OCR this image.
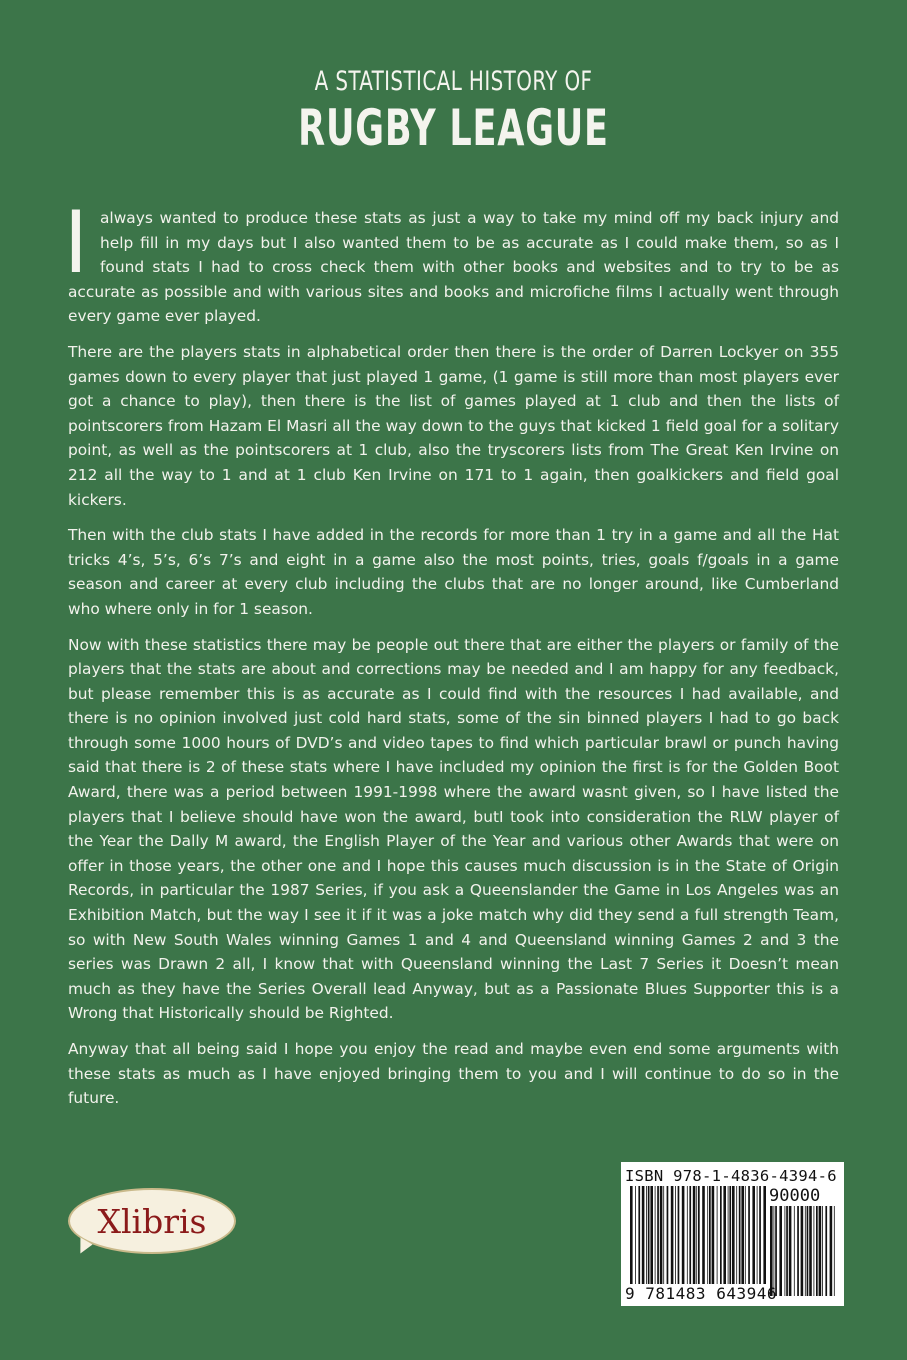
A STATISTICAL HISTORY OF
RUGBY LEAGUE

I always wanted to produce these stats as just a way to take my mind off my back injury and help fill in my days but I also wanted them to be as accurate as I could make them, so as I found stats I had to cross check them with other books and websites and to try to be as accurate as possible and with various sites and books and microfiche films I actually went through every game ever played.

There are the players stats in alphabetical order then there is the order of Darren Lockyer on 355 games down to every player that just played 1 game, (1 game is still more than most players ever got a chance to play), then there is the list of games played at 1 club and then the lists of pointscorers from Hazam El Masri all the way down to the guys that kicked 1 field goal for a solitary point, as well as the pointscorers at 1 club, also the tryscorers lists from The Great Ken Irvine on 212 all the way to 1 and at 1 club Ken Irvine on 171 to 1 again, then goalkickers and field goal kickers.

Then with the club stats I have added in the records for more than 1 try in a game and all the Hat tricks 4’s, 5’s, 6’s 7’s and eight in a game also the most points, tries, goals f/goals in a game season and career at every club including the clubs that are no longer around, like Cumberland who where only in for 1 season.

Now with these statistics there may be people out there that are either the players or family of the players that the stats are about and corrections may be needed and I am happy for any feedback, but please remember this is as accurate as I could find with the resources I had available, and there is no opinion involved just cold hard stats, some of the sin binned players I had to go back through some 1000 hours of DVD’s and video tapes to find which particular brawl or punch having said that there is 2 of these stats where I have included my opinion the first is for the Golden Boot Award, there was a period between 1991-1998 where the award wasnt given, so I have listed the players that I believe should have won the award, butI took into consideration the RLW player of the Year the Dally M award, the English Player of the Year and various other Awards that were on offer in those years, the other one and I hope this causes much discussion is in the State of Origin Records, in particular the 1987 Series, if you ask a Queenslander the Game in Los Angeles was an Exhibition Match, but the way I see it if it was a joke match why did they send a full strength Team, so with New South Wales winning Games 1 and 4 and Queensland winning Games 2 and 3 the series was Drawn 2 all, I know that with Queensland winning the Last 7 Series it Doesn’t mean much as they have the Series Overall lead Anyway, but as a Passionate Blues Supporter this is a Wrong that Historically should be Righted.

Anyway that all being said I hope you enjoy the read and maybe even end some arguments with these stats as much as I have enjoyed bringing them to you and I will continue to do so in the future.

Xlibris
ISBN 978-1-4836-4394-6
90000
9 781483 643946
